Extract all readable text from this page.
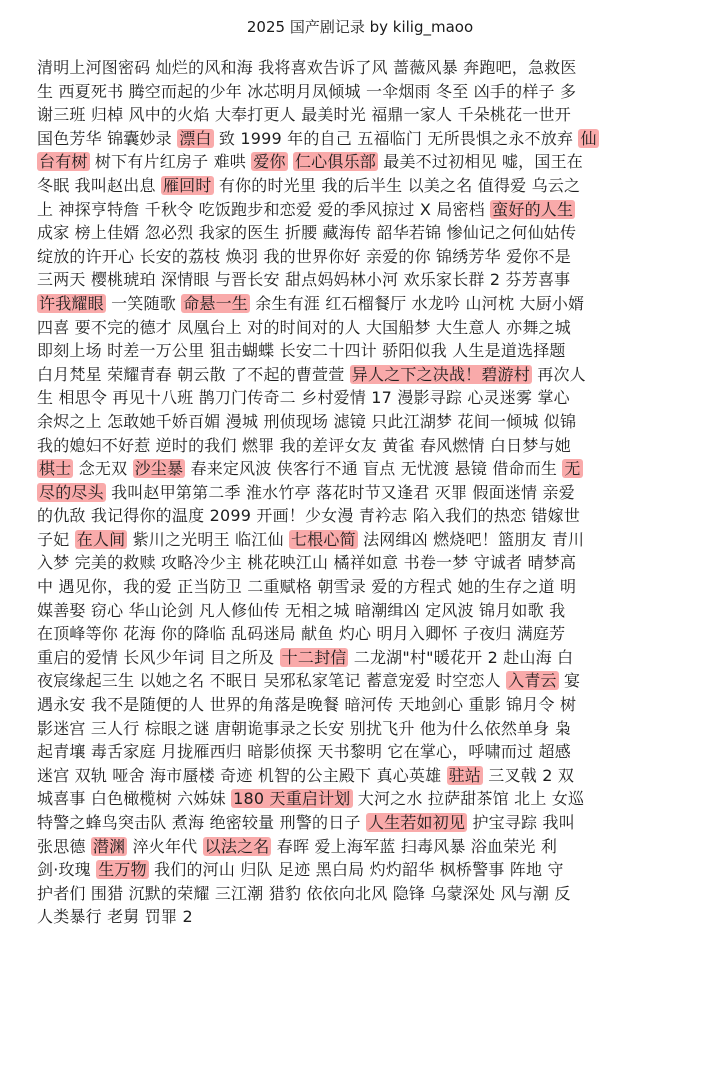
2025 国产剧记录 by kilig_maoo
清明上河图密码 灿烂的风和海 我将喜欢告诉了风 蔷薇风暴 奔跑吧，急救医
生 西夏死书 腾空而起的少年 冰芯明月凤倾城 一伞烟雨 冬至 凶手的样子 多
谢三班 归棹 风中的火焰 大奉打更人 最美时光 福鼎一家人 千朵桃花一世开
国色芳华 锦囊妙录 漂白 致 1999 年的自己 五福临门 无所畏惧之永不放弃 仙
台有树 树下有片红房子 难哄 爱你 仁心俱乐部 最美不过初相见 嘘，国王在
冬眠 我叫赵出息 雁回时 有你的时光里 我的后半生 以美之名 值得爱 乌云之
上 神探亨特詹 千秋令 吃饭跑步和恋爱 爱的季风掠过 X 局密档 蛮好的人生
成家 榜上佳婿 忽必烈 我家的医生 折腰 藏海传 韶华若锦 惨仙记之何仙姑传
绽放的许开心 长安的荔枝 焕羽 我的世界你好 亲爱的你 锦绣芳华 爱你不是
三两天 樱桃琥珀 深情眼 与晋长安 甜点妈妈林小河 欢乐家长群 2 芬芳喜事
许我耀眼 一笑随歌 命悬一生 余生有涯 红石榴餐厅 水龙吟 山河枕 大厨小婿
四喜 要不完的德才 凤凰台上 对的时间对的人 大国船梦 大生意人 亦舞之城
即刻上场 时差一万公里 狙击蝴蝶 长安二十四计 骄阳似我 人生是道选择题
白月梵星 荣耀青春 朝云散 了不起的曹萱萱 异人之下之决战！碧游村 再次人
生 相思令 再见十八班 鹊刀门传奇二 乡村爱情 17 漫影寻踪 心灵迷雾 掌心
余烬之上 怎敢她千娇百媚 漫城 刑侦现场 滤镜 只此江湖梦 花间一倾城 似锦
我的媳妇不好惹 逆时的我们 燃罪 我的差评女友 黄雀 春风燃情 白日梦与她
棋士 念无双 沙尘暴 春来定风波 侠客行不通 盲点 无忧渡 悬镜 借命而生 无
尽的尽头 我叫赵甲第第二季 淮水竹亭 落花时节又逢君 灭罪 假面迷情 亲爱
的仇敌 我记得你的温度 2099 开画！少女漫 青衿志 陷入我们的热恋 错嫁世
子妃 在人间 紫川之光明王 临江仙 七根心简 法网缉凶 燃烧吧！篮朋友 青川
入梦 完美的救赎 攻略冷少主 桃花映江山 橘祥如意 书卷一梦 守诚者 晴梦高
中 遇见你，我的爱 正当防卫 二重赋格 朝雪录 爱的方程式 她的生存之道 明
媒善娶 窃心 华山论剑 凡人修仙传 无相之城 暗潮缉凶 定风波 锦月如歌 我
在顶峰等你 花海 你的降临 乱码迷局 献鱼 灼心 明月入卿怀 子夜归 满庭芳
重启的爱情 长风少年词 目之所及 十二封信 二龙湖"村"暖花开 2 赴山海 白
夜宸缘起三生 以她之名 不眠日 吴邪私家笔记 蓄意宠爱 时空恋人 入青云 宴
遇永安 我不是随便的人 世界的角落是晚餐 暗河传 天地剑心 重影 锦月令 树
影迷宫 三人行 棕眼之谜 唐朝诡事录之长安 别扰飞升 他为什么依然单身 枭
起青壤 毒舌家庭 月拢雁西归 暗影侦探 天书黎明 它在掌心，呼啸而过 超感
迷宫 双轨 哑舍 海市蜃楼 奇迹 机智的公主殿下 真心英雄 驻站 三叉戟 2 双
城喜事 白色橄榄树 六姊妹 180 天重启计划 大河之水 拉萨甜茶馆 北上 女巡
特警之蜂鸟突击队 煮海 绝密较量 刑警的日子 人生若如初见 护宝寻踪 我叫
张思德 潜渊 淬火年代 以法之名 春晖 爱上海军蓝 扫毒风暴 浴血荣光 利
剑·玫瑰 生万物 我们的河山 归队 足迹 黑白局 灼灼韶华 枫桥警事 阵地 守
护者们 围猎 沉默的荣耀 三江潮 猎豹 依依向北风 隐锋 乌蒙深处 风与潮 反
人类暴行 老舅 罚罪 2
